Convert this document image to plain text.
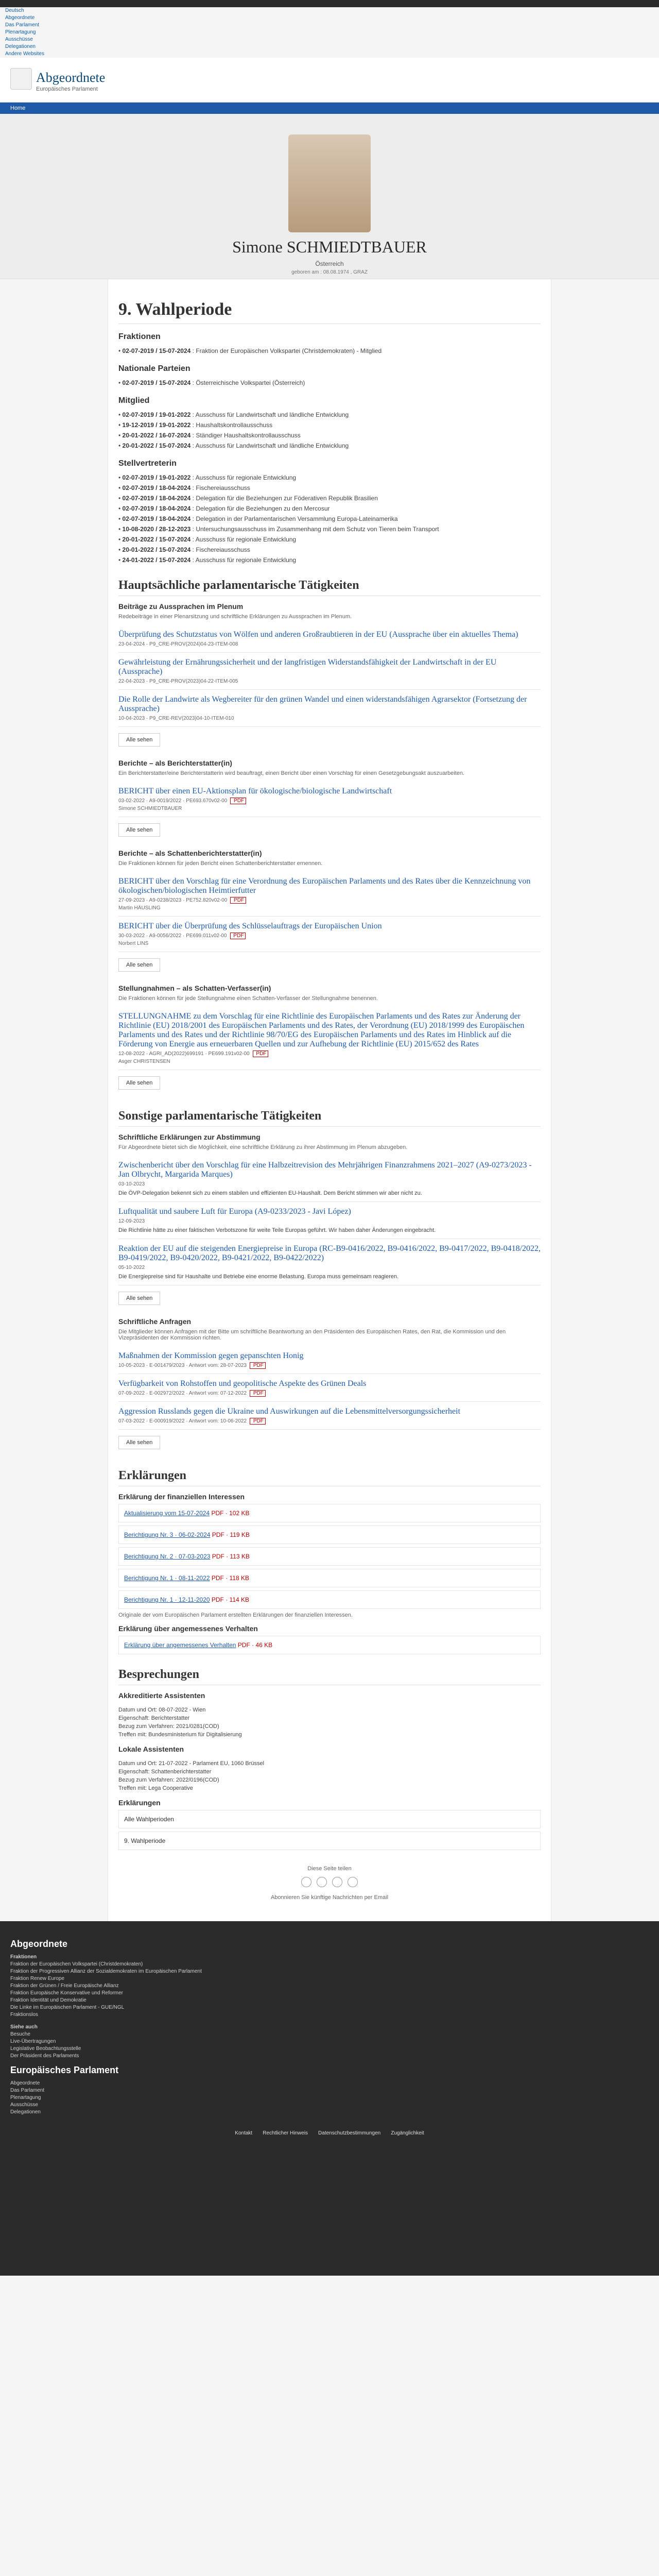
Deutsch
Abgeordnete
Das Parlament
Plenartagung
Ausschüsse
Delegationen
Andere Websites
Abgeordnete
Europäisches Parlament
Home
Simone SCHMIEDTBAUER
Österreich
geboren am : 08.08.1974 , GRAZ
9. Wahlperiode
Fraktionen
• 02-07-2019 / 15-07-2024 : Fraktion der Europäischen Volkspartei (Christdemokraten) - Mitglied
Nationale Parteien
• 02-07-2019 / 15-07-2024 : Österreichische Volkspartei (Österreich)
Mitglied
• 02-07-2019 / 19-01-2022 : Ausschuss für Landwirtschaft und ländliche Entwicklung
• 19-12-2019 / 19-01-2022 : Haushaltskontrollausschuss
• 20-01-2022 / 16-07-2024 : Ständiger Haushaltskontrollausschuss
• 20-01-2022 / 15-07-2024 : Ausschuss für Landwirtschaft und ländliche Entwicklung
Stellvertreterin
• 02-07-2019 / 19-01-2022 : Ausschuss für regionale Entwicklung
• 02-07-2019 / 18-04-2024 : Fischereiausschuss
• 02-07-2019 / 18-04-2024 : Delegation für die Beziehungen zur Föderativen Republik Brasilien
• 02-07-2019 / 18-04-2024 : Delegation für die Beziehungen zu den Mercosur
• 02-07-2019 / 18-04-2024 : Delegation in der Parlamentarischen Versammlung Europa-Lateinamerika
• 10-08-2020 / 28-12-2023 : Untersuchungsausschuss im Zusammenhang mit dem Schutz von Tieren beim Transport
• 20-01-2022 / 15-07-2024 : Ausschuss für regionale Entwicklung
• 20-01-2022 / 15-07-2024 : Fischereiausschuss
• 24-01-2022 / 15-07-2024 : Ausschuss für regionale Entwicklung
Hauptsächliche parlamentarische Tätigkeiten
Beiträge zu Aussprachen im Plenum
Redebeiträge in einer Plenarsitzung und schriftliche Erklärungen zu Aussprachen im Plenum.
Überprüfung des Schutzstatus von Wölfen und anderen Großraubtieren in der EU (Aussprache über ein aktuelles Thema)
23-04-2024 · P9_CRE-PROV(2024)04-23-ITEM-008
Gewährleistung der Ernährungssicherheit und der langfristigen Widerstandsfähigkeit der Landwirtschaft in der EU (Aussprache)
22-04-2023 · P9_CRE-PROV(2023)04-22-ITEM-005
Die Rolle der Landwirte als Wegbereiter für den grünen Wandel und einen widerstandsfähigen Agrarsektor (Fortsetzung der Aussprache)
10-04-2023 · P9_CRE-REV(2023)04-10-ITEM-010
Alle sehen
Berichte – als Berichterstatter(in)
Ein Berichterstatter/eine Berichterstatterin wird beauftragt, einen Bericht über einen Vorschlag für einen Gesetzgebungsakt auszuarbeiten.
BERICHT über einen EU-Aktionsplan für ökologische/biologische Landwirtschaft
03-02-2022 · A9-0019/2022 · PE693.670v02-00 PDF
Simone SCHMIEDTBAUER
Alle sehen
Berichte – als Schattenberichterstatter(in)
Die Fraktionen können für jeden Bericht einen Schattenberichterstatter ernennen.
BERICHT über den Vorschlag für eine Verordnung des Europäischen Parlaments und des Rates über die Kennzeichnung von ökologischen/biologischen Heimtierfutter
27-09-2023 · A9-0238/2023 · PE752.820v02-00 PDF
Martin HÄUSLING
BERICHT über die Überprüfung des Schlüsselauftrags der Europäischen Union
30-03-2022 · A9-0056/2022 · PE699.011v02-00 PDF
Norbert LINS
Alle sehen
Stellungnahmen – als Schatten-Verfasser(in)
Die Fraktionen können für jede Stellungnahme einen Schatten-Verfasser der Stellungnahme benennen.
STELLUNGNAHME zu dem Vorschlag für eine Richtlinie des Europäischen Parlaments und des Rates zur Änderung der Richtlinie (EU) 2018/2001 des Europäischen Parlaments und des Rates, der Verordnung (EU) 2018/1999 des Europäischen Parlaments und des Rates und der Richtlinie 98/70/EG des Europäischen Parlaments und des Rates im Hinblick auf die Förderung von Energie aus erneuerbaren Quellen und zur Aufhebung der Richtlinie (EU) 2015/652 des Rates
12-08-2022 · AGRI_AD(2022)699191 · PE699.191v02-00 PDF
Asger CHRISTENSEN
Alle sehen
Sonstige parlamentarische Tätigkeiten
Schriftliche Erklärungen zur Abstimmung
Für Abgeordnete bietet sich die Möglichkeit, eine schriftliche Erklärung zu ihrer Abstimmung im Plenum abzugeben.
Zwischenbericht über den Vorschlag für eine Halbzeitrevision des Mehrjährigen Finanzrahmens 2021–2027 (A9-0273/2023 - Jan Olbrycht, Margarida Marques)
03-10-2023
Die ÖVP-Delegation bekennt sich zu einem stabilen und effizienten EU-Haushalt. Dem Bericht stimmen wir aber nicht zu.
Luftqualität und saubere Luft für Europa (A9-0233/2023 - Javi López)
12-09-2023
Die Richtlinie hätte zu einer faktischen Verbotszone für weite Teile Europas geführt. Wir haben daher Änderungen eingebracht.
Reaktion der EU auf die steigenden Energiepreise in Europa (RC-B9-0416/2022, B9-0416/2022, B9-0417/2022, B9-0418/2022, B9-0419/2022, B9-0420/2022, B9-0421/2022, B9-0422/2022)
05-10-2022
Die Energiepreise sind für Haushalte und Betriebe eine enorme Belastung. Europa muss gemeinsam reagieren.
Alle sehen
Schriftliche Anfragen
Die Mitglieder können Anfragen mit der Bitte um schriftliche Beantwortung an den Präsidenten des Europäischen Rates, den Rat, die Kommission und den Vizepräsidenten der Kommission richten.
Maßnahmen der Kommission gegen gepanschten Honig
10-05-2023 · E-001479/2023 · Antwort vom: 28-07-2023 PDF
Verfügbarkeit von Rohstoffen und geopolitische Aspekte des Grünen Deals
07-09-2022 · E-002972/2022 · Antwort vom: 07-12-2022 PDF
Aggression Russlands gegen die Ukraine und Auswirkungen auf die Lebensmittelversorgungssicherheit
07-03-2022 · E-000919/2022 · Antwort vom: 10-06-2022 PDF
Alle sehen
Erklärungen
Erklärung der finanziellen Interessen
Aktualisierung vom 15-07-2024 PDF · 102 KB
Berichtigung Nr. 3 · 06-02-2024 PDF · 119 KB
Berichtigung Nr. 2 · 07-03-2023 PDF · 113 KB
Berichtigung Nr. 1 · 08-11-2022 PDF · 118 KB
Berichtigung Nr. 1 · 12-11-2020 PDF · 114 KB
Originale der vom Europäischen Parlament erstellten Erklärungen der finanziellen Interessen.
Erklärung über angemessenes Verhalten
Erklärung über angemessenes Verhalten PDF · 46 KB
Besprechungen
Akkreditierte Assistenten
Datum und Ort: 08-07-2022 - Wien
Eigenschaft: Berichterstatter
Bezug zum Verfahren: 2021/0281(COD)
Treffen mit: Bundesministerium für Digitalisierung
Lokale Assistenten
Datum und Ort: 21-07-2022 - Parlament EU, 1060 Brüssel
Eigenschaft: Schattenberichterstatter
Bezug zum Verfahren: 2022/0196(COD)
Treffen mit: Lega Cooperative
Erklärungen
Alle Wahlperioden
9. Wahlperiode
Diese Seite teilen
Abonnieren Sie künftige Nachrichten per Email
Abgeordnete
Fraktionen
Fraktion der Europäischen Volkspartei (Christdemokraten)
Fraktion der Progressiven Allianz der Sozialdemokraten im Europäischen Parlament
Fraktion Renew Europe
Fraktion der Grünen / Freie Europäische Allianz
Fraktion Europäische Konservative und Reformer
Fraktion Identität und Demokratie
Die Linke im Europäischen Parlament - GUE/NGL
Fraktionslos
Siehe auch
Besuche
Live-Übertragungen
Legislative Beobachtungsstelle
Der Präsident des Parlaments
Europäisches Parlament
Abgeordnete
Das Parlament
Plenartagung
Ausschüsse
Delegationen
Kontakt Rechtlicher Hinweis Datenschutzbestimmungen Zugänglichkeit
